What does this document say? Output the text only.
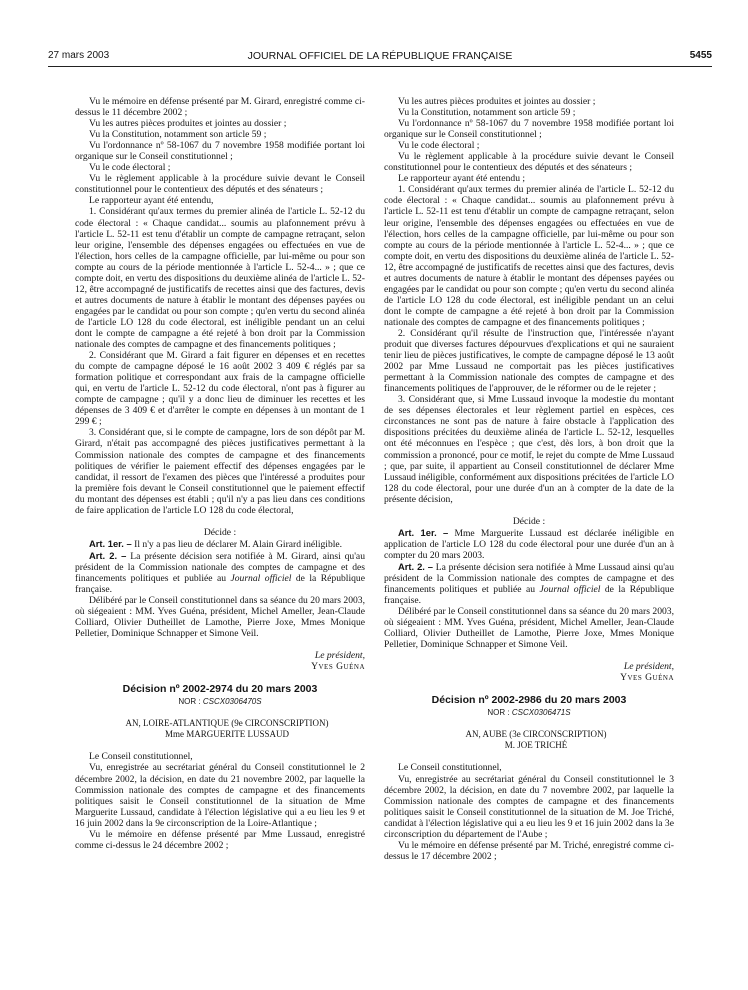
27 mars 2003	JOURNAL OFFICIEL DE LA RÉPUBLIQUE FRANÇAISE	5455

Vu le mémoire en défense présenté par M. Girard, enregistré comme ci-dessus le 11 décembre 2002 ;

Vu les autres pièces produites et jointes au dossier ;

Vu la Constitution, notamment son article 59 ;

Vu l'ordonnance nº 58-1067 du 7 novembre 1958 modifiée portant loi organique sur le Conseil constitutionnel ;

Vu le code électoral ;

Vu le règlement applicable à la procédure suivie devant le Conseil constitutionnel pour le contentieux des députés et des sénateurs ;

Le rapporteur ayant été entendu,

1. Considérant qu'aux termes du premier alinéa de l'article L. 52-12 du code électoral : « Chaque candidat... soumis au plafonnement prévu à l'article L. 52-11 est tenu d'établir un compte de campagne retraçant, selon leur origine, l'ensemble des dépenses engagées ou effectuées en vue de l'élection, hors celles de la campagne officielle, par lui-même ou pour son compte au cours de la période mentionnée à l'article L. 52-4... » ; que ce compte doit, en vertu des dispositions du deuxième alinéa de l'article L. 52-12, être accompagné de justificatifs de recettes ainsi que des factures, devis et autres documents de nature à établir le montant des dépenses payées ou engagées par le candidat ou pour son compte ; qu'en vertu du second alinéa de l'article LO 128 du code électoral, est inéligible pendant un an celui dont le compte de campagne a été rejeté à bon droit par la Commission nationale des comptes de campagne et des financements politiques ;

2. Considérant que M. Girard a fait figurer en dépenses et en recettes du compte de campagne déposé le 16 août 2002 3 409 € réglés par sa formation politique et correspondant aux frais de la campagne officielle qui, en vertu de l'article L. 52-12 du code électoral, n'ont pas à figurer au compte de campagne ; qu'il y a donc lieu de diminuer les recettes et les dépenses de 3 409 € et d'arrêter le compte en dépenses à un montant de 1 299 € ;

3. Considérant que, si le compte de campagne, lors de son dépôt par M. Girard, n'était pas accompagné des pièces justificatives permettant à la Commission nationale des comptes de campagne et des financements politiques de vérifier le paiement effectif des dépenses engagées par le candidat, il ressort de l'examen des pièces que l'intéressé a produites pour la première fois devant le Conseil constitutionnel que le paiement effectif du montant des dépenses est établi ; qu'il n'y a pas lieu dans ces conditions de faire application de l'article LO 128 du code électoral,

Décide :

Art. 1er. – Il n'y a pas lieu de déclarer M. Alain Girard inéligible.

Art. 2. – La présente décision sera notifiée à M. Girard, ainsi qu'au président de la Commission nationale des comptes de campagne et des financements politiques et publiée au Journal officiel de la République française.

Délibéré par le Conseil constitutionnel dans sa séance du 20 mars 2003, où siégeaient : MM. Yves Guéna, président, Michel Ameller, Jean-Claude Colliard, Olivier Dutheillet de Lamothe, Pierre Joxe, Mmes Monique Pelletier, Dominique Schnapper et Simone Veil.

Le président,

Yves Guéna

Décision nº 2002-2974 du 20 mars 2003
NOR : CSCX0306470S

AN, LOIRE-ATLANTIQUE (9e CIRCONSCRIPTION)

Mme MARGUERITE LUSSAUD

Le Conseil constitutionnel,

Vu, enregistrée au secrétariat général du Conseil constitutionnel le 2 décembre 2002, la décision, en date du 21 novembre 2002, par laquelle la Commission nationale des comptes de campagne et des financements politiques saisit le Conseil constitutionnel de la situation de Mme Marguerite Lussaud, candidate à l'élection législative qui a eu lieu les 9 et 16 juin 2002 dans la 9e circonscription de la Loire-Atlantique ;

Vu le mémoire en défense présenté par Mme Lussaud, enregistré comme ci-dessus le 24 décembre 2002 ;

Vu les autres pièces produites et jointes au dossier ;

Vu la Constitution, notamment son article 59 ;

Vu l'ordonnance nº 58-1067 du 7 novembre 1958 modifiée portant loi organique sur le Conseil constitutionnel ;

Vu le code électoral ;

Vu le règlement applicable à la procédure suivie devant le Conseil constitutionnel pour le contentieux des députés et des sénateurs ;

Le rapporteur ayant été entendu ;

1. Considérant qu'aux termes du premier alinéa de l'article L. 52-12 du code électoral : « Chaque candidat... soumis au plafonnement prévu à l'article L. 52-11 est tenu d'établir un compte de campagne retraçant, selon leur origine, l'ensemble des dépenses engagées ou effectuées en vue de l'élection, hors celles de la campagne officielle, par lui-même ou pour son compte au cours de la période mentionnée à l'article L. 52-4... » ; que ce compte doit, en vertu des dispositions du deuxième alinéa de l'article L. 52-12, être accompagné de justificatifs de recettes ainsi que des factures, devis et autres documents de nature à établir le montant des dépenses payées ou engagées par le candidat ou pour son compte ; qu'en vertu du second alinéa de l'article LO 128 du code électoral, est inéligible pendant un an celui dont le compte de campagne a été rejeté à bon droit par la Commission nationale des comptes de campagne et des financements politiques ;

2. Considérant qu'il résulte de l'instruction que, l'intéressée n'ayant produit que diverses factures dépourvues d'explications et qui ne sauraient tenir lieu de pièces justificatives, le compte de campagne déposé le 13 août 2002 par Mme Lussaud ne comportait pas les pièces justificatives permettant à la Commission nationale des comptes de campagne et des financements politiques de l'approuver, de le réformer ou de le rejeter ;

3. Considérant que, si Mme Lussaud invoque la modestie du montant de ses dépenses électorales et leur règlement partiel en espèces, ces circonstances ne sont pas de nature à faire obstacle à l'application des dispositions précitées du deuxième alinéa de l'article L. 52-12, lesquelles ont été méconnues en l'espèce ; que c'est, dès lors, à bon droit que la commission a prononcé, pour ce motif, le rejet du compte de Mme Lussaud ; que, par suite, il appartient au Conseil constitutionnel de déclarer Mme Lussaud inéligible, conformément aux dispositions précitées de l'article LO 128 du code électoral, pour une durée d'un an à compter de la date de la présente décision,

Décide :

Art. 1er. – Mme Marguerite Lussaud est déclarée inéligible en application de l'article LO 128 du code électoral pour une durée d'un an à compter du 20 mars 2003.

Art. 2. – La présente décision sera notifiée à Mme Lussaud ainsi qu'au président de la Commission nationale des comptes de campagne et des financements politiques et publiée au Journal officiel de la République française.

Délibéré par le Conseil constitutionnel dans sa séance du 20 mars 2003, où siégeaient : MM. Yves Guéna, président, Michel Ameller, Jean-Claude Colliard, Olivier Dutheillet de Lamothe, Pierre Joxe, Mmes Monique Pelletier, Dominique Schnapper et Simone Veil.

Le président,

Yves Guéna

Décision nº 2002-2986 du 20 mars 2003
NOR : CSCX0306471S

AN, AUBE (3e CIRCONSCRIPTION)

M. JOE TRICHÉ

Le Conseil constitutionnel,

Vu, enregistrée au secrétariat général du Conseil constitutionnel le 3 décembre 2002, la décision, en date du 7 novembre 2002, par laquelle la Commission nationale des comptes de campagne et des financements politiques saisit le Conseil constitutionnel de la situation de M. Joe Triché, candidat à l'élection législative qui a eu lieu les 9 et 16 juin 2002 dans la 3e circonscription du département de l'Aube ;

Vu le mémoire en défense présenté par M. Triché, enregistré comme ci-dessus le 17 décembre 2002 ;
